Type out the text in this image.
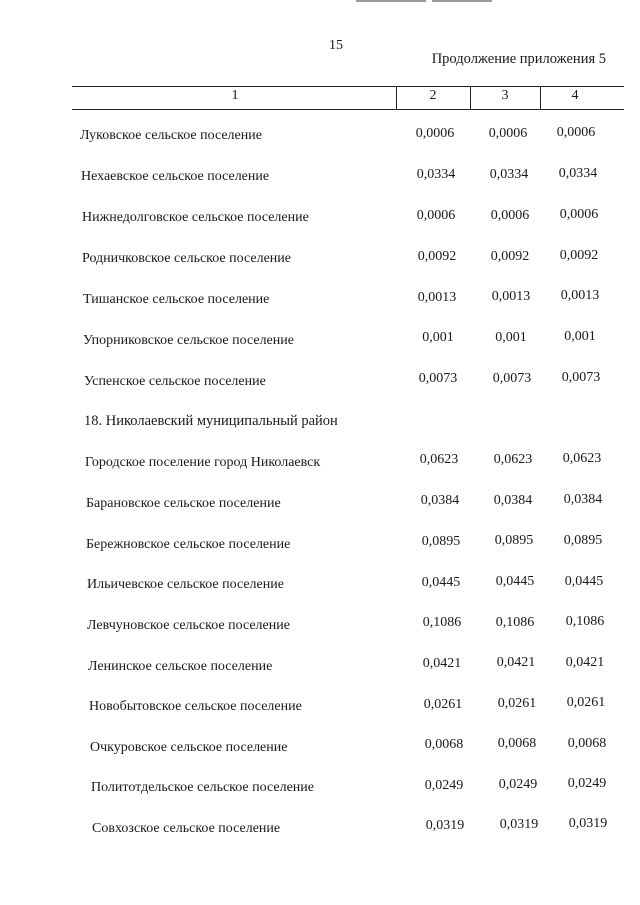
15
Продолжение приложения 5
1	2	3	4
Луковское сельское поселение	0,0006	0,0006	0,0006
Нехаевское сельское поселение	0,0334	0,0334	0,0334
Нижнедолговское сельское поселение	0,0006	0,0006	0,0006
Родничковское сельское поселение	0,0092	0,0092	0,0092
Тишанское сельское поселение	0,0013	0,0013	0,0013
Упорниковское сельское поселение	0,001	0,001	0,001
Успенское сельское поселение	0,0073	0,0073	0,0073
18. Николаевский муниципальный район
Городское поселение город Николаевск	0,0623	0,0623	0,0623
Барановское сельское поселение	0,0384	0,0384	0,0384
Бережновское сельское поселение	0,0895	0,0895	0,0895
Ильичевское сельское поселение	0,0445	0,0445	0,0445
Левчуновское сельское поселение	0,1086	0,1086	0,1086
Ленинское сельское поселение	0,0421	0,0421	0,0421
Новобытовское сельское поселение	0,0261	0,0261	0,0261
Очкуровское сельское поселение	0,0068	0,0068	0,0068
Политотдельское сельское поселение	0,0249	0,0249	0,0249
Совхозское сельское поселение	0,0319	0,0319	0,0319
